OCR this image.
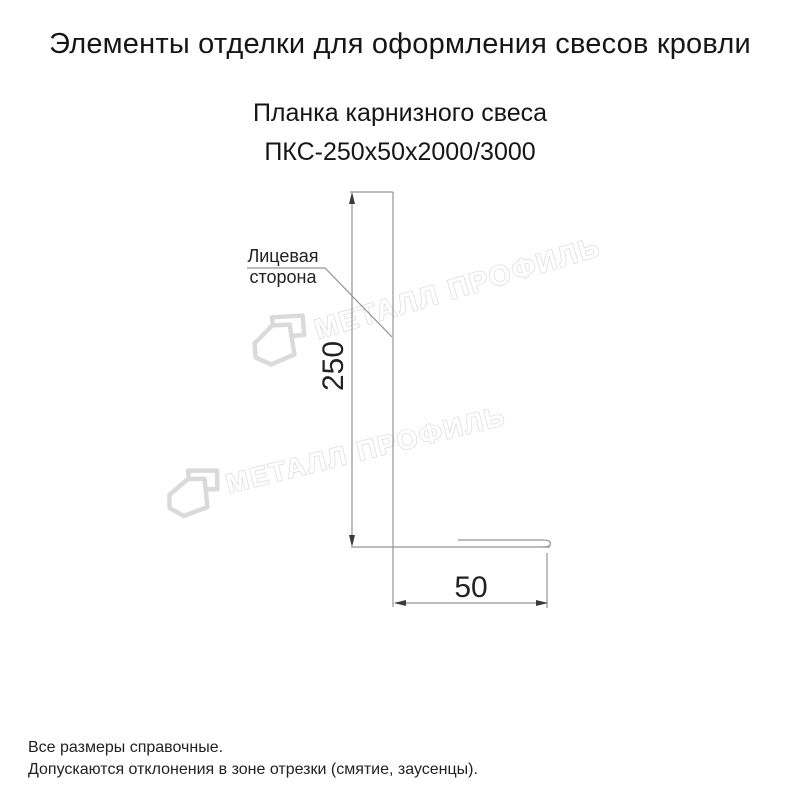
МЕТАЛЛ ПРОФИЛЬ
МЕТАЛЛ ПРОФИЛЬ
Элементы отделки для оформления свесов кровли
Планка карнизного свеса
ПКС-250х50х2000/3000
Лицевая
сторона
250
50
Все размеры справочные.
Допускаются отклонения в зоне отрезки (смятие, заусенцы).
